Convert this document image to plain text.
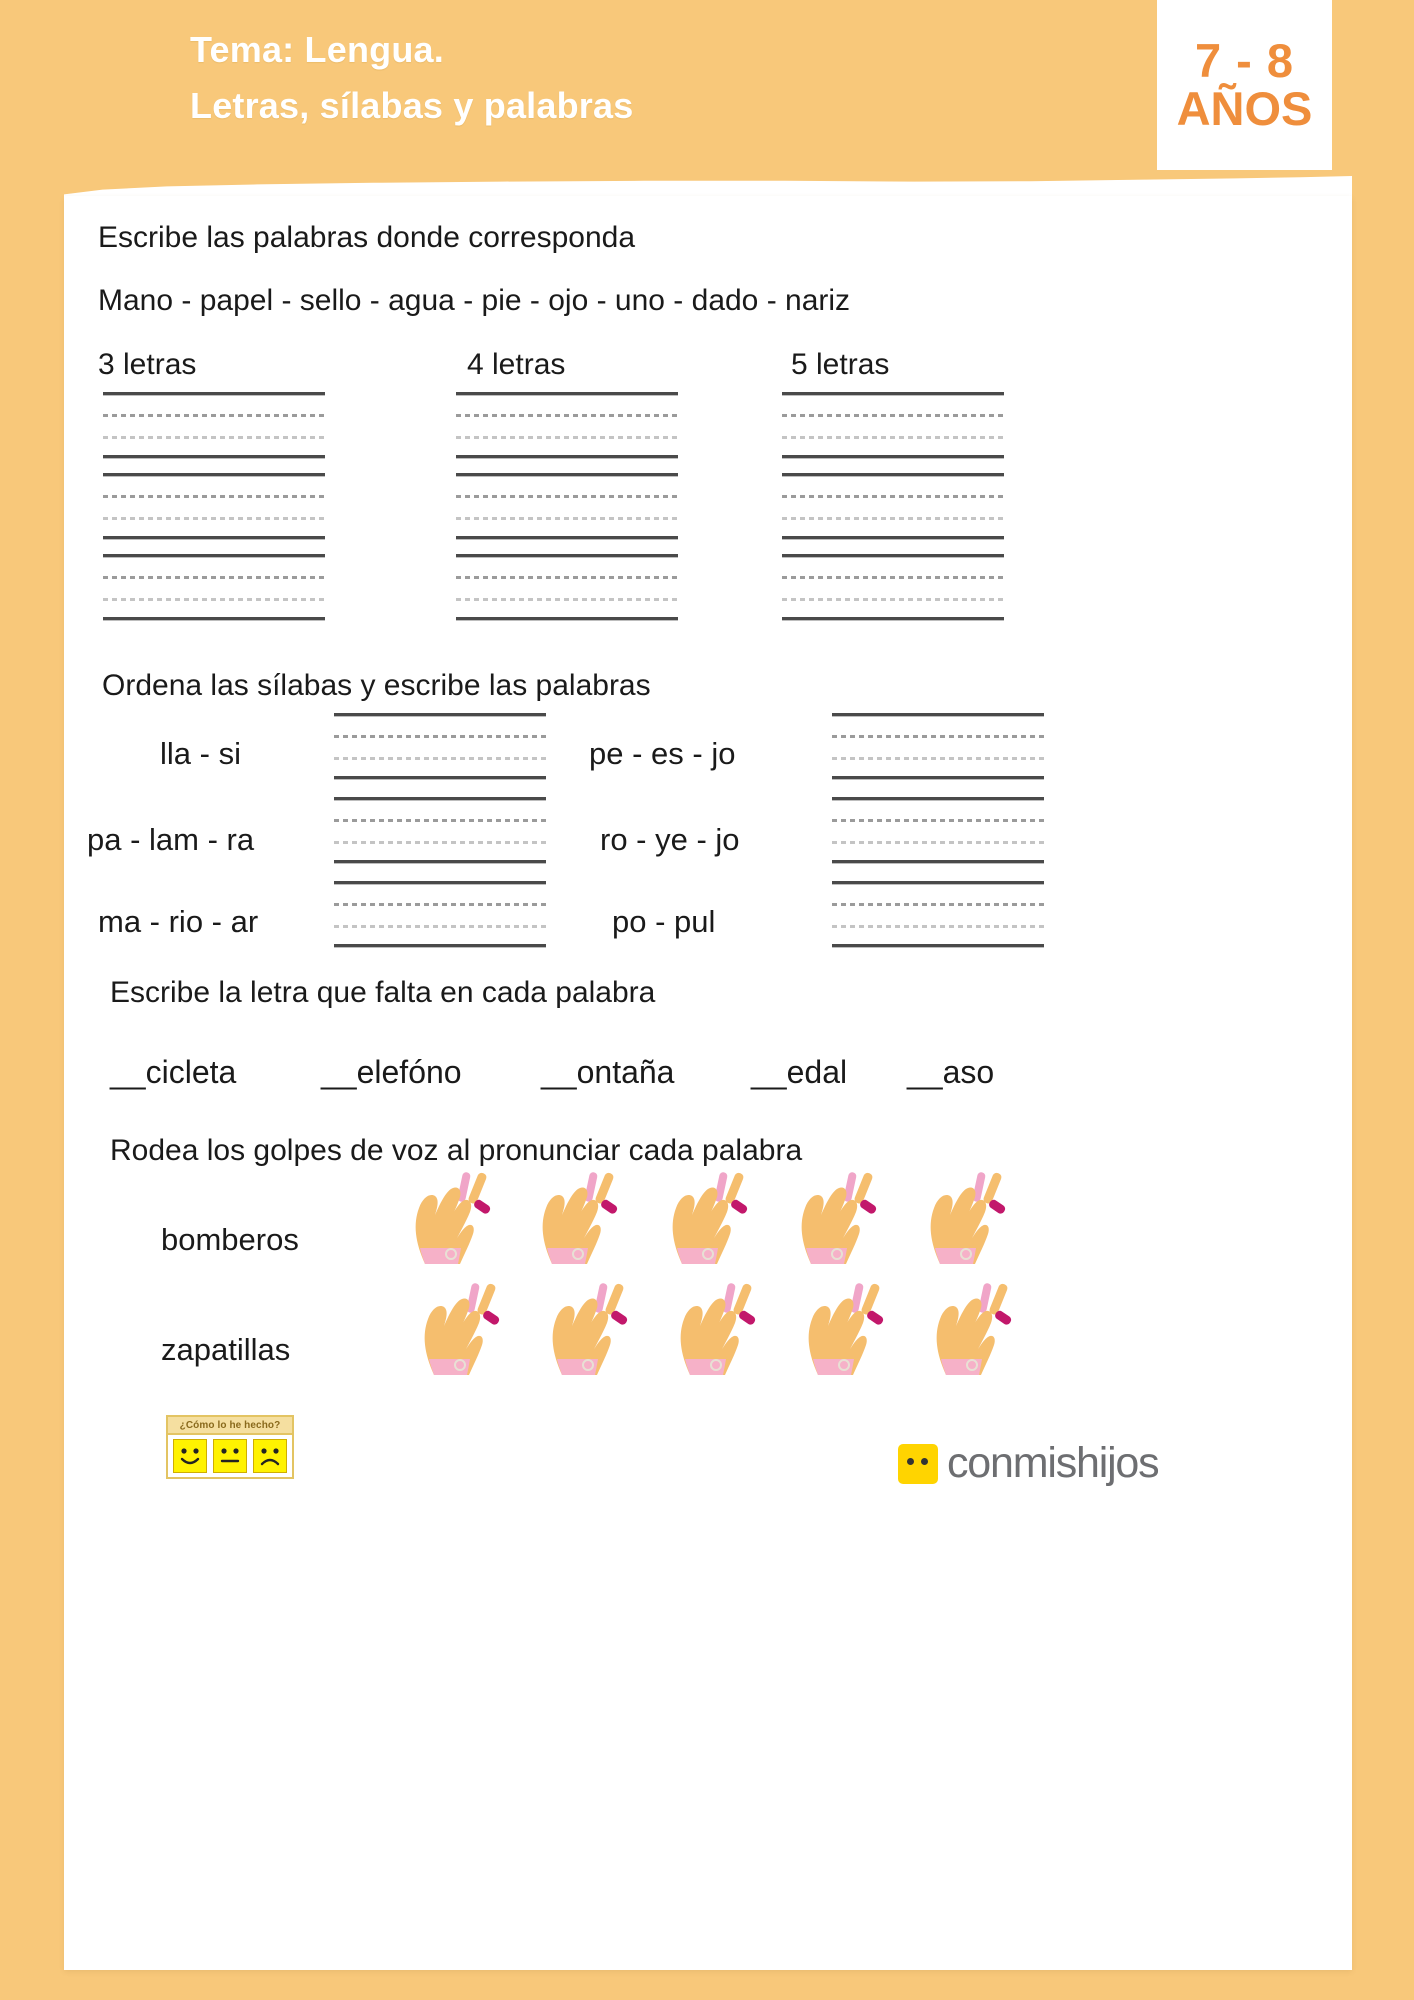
Tema: Lengua.
Letras, sílabas y palabras
7 - 8
AÑOS
Escribe las palabras donde corresponda
Mano - papel - sello - agua - pie - ojo - uno - dado - nariz
3 letras	4 letras	5 letras
Ordena las sílabas y escribe las palabras
lla - si
pa - lam - ra
ma - rio - ar
pe - es - jo
ro - ye - jo
po - pul
Escribe la letra que falta en cada palabra
__cicleta	__elefóno __ontaña __edal __aso
Rodea los golpes de voz al pronunciar cada palabra
bomberos
zapatillas
¿Cómo lo he hecho?
conmishijos
